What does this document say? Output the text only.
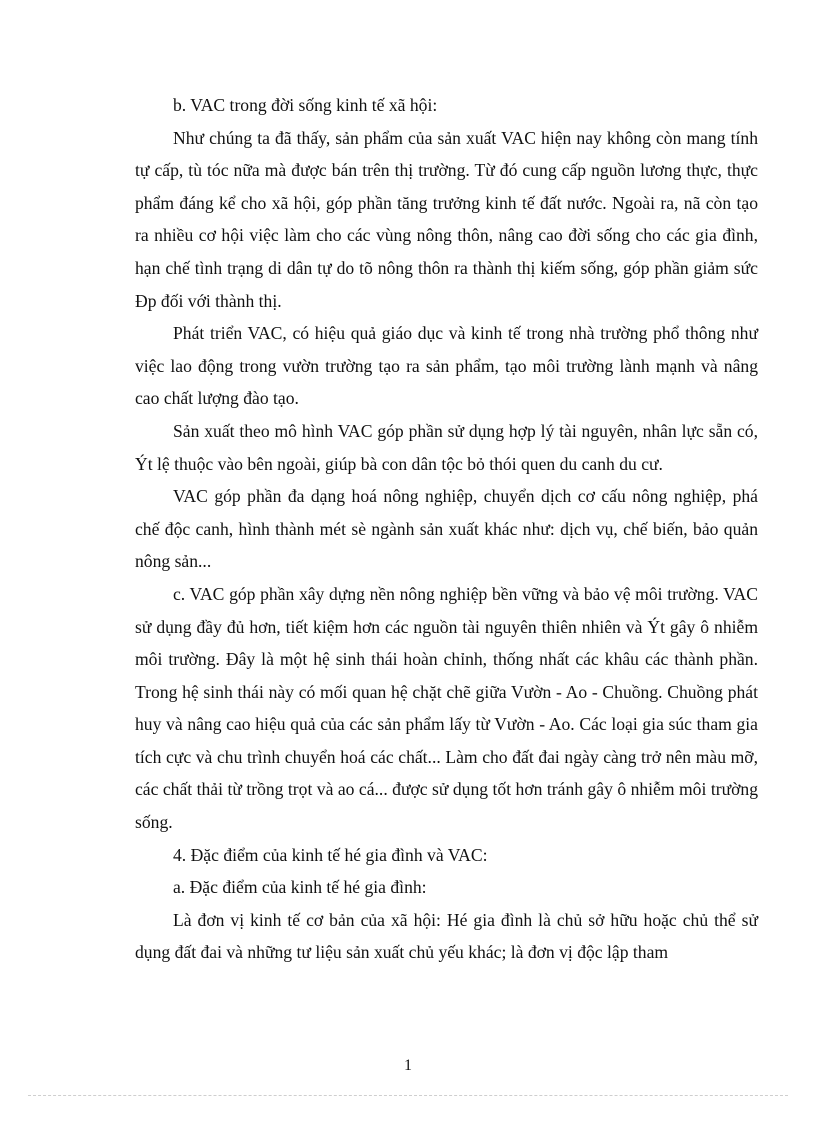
b. VAC trong đời sống kinh tế xã hội:

Như chúng ta đã thấy, sản phẩm của sản xuất VAC hiện nay không còn mang tính tự cấp, tù tóc nữa mà được bán trên thị trường. Từ đó cung cấp nguồn lương thực, thực phẩm đáng kể cho xã hội, góp phần tăng trưởng kinh tế đất nước. Ngoài ra, nã còn tạo ra nhiều cơ hội việc làm cho các vùng nông thôn, nâng cao đời sống cho các gia đình, hạn chế tình trạng di dân tự do tõ nông thôn ra thành thị kiếm sống, góp phần giảm sức Ðp đối với thành thị.

Phát triển VAC, có hiệu quả giáo dục và kinh tế trong nhà trường phổ thông như việc lao động trong vườn trường tạo ra sản phẩm, tạo môi trường lành mạnh và nâng cao chất lượng đào tạo.

Sản xuất theo mô hình VAC góp phần sử dụng hợp lý tài nguyên, nhân lực sẵn có, Ýt lệ thuộc vào bên ngoài, giúp bà con dân tộc bỏ thói quen du canh du cư.

VAC góp phần đa dạng hoá nông nghiệp, chuyển dịch cơ cấu nông nghiệp, phá chế độc canh, hình thành mét sè ngành sản xuất khác như: dịch vụ, chế biến, bảo quản nông sản...

c. VAC góp phần xây dựng nền nông nghiệp bền vững và bảo vệ môi trường. VAC sử dụng đầy đủ hơn, tiết kiệm hơn các nguồn tài nguyên thiên nhiên và Ýt gây ô nhiễm môi trường. Đây là một hệ sinh thái hoàn chỉnh, thống nhất các khâu các thành phần. Trong hệ sinh thái này có mối quan hệ chặt chẽ giữa Vườn - Ao - Chuồng. Chuồng phát huy và nâng cao hiệu quả của các sản phẩm lấy từ Vườn - Ao. Các loại gia súc tham gia tích cực và chu trình chuyển hoá các chất... Làm cho đất đai ngày càng trở nên màu mỡ, các chất thải từ trồng trọt và ao cá... được sử dụng tốt hơn tránh gây ô nhiễm môi trường sống.

4. Đặc điểm của kinh tế hé gia đình và VAC:

a. Đặc điểm của kinh tế hé gia đình:

Là đơn vị kinh tế cơ bản của xã hội: Hé gia đình là chủ sở hữu hoặc chủ thể sử dụng đất đai và những tư liệu sản xuất chủ yếu khác; là đơn vị độc lập tham

1
